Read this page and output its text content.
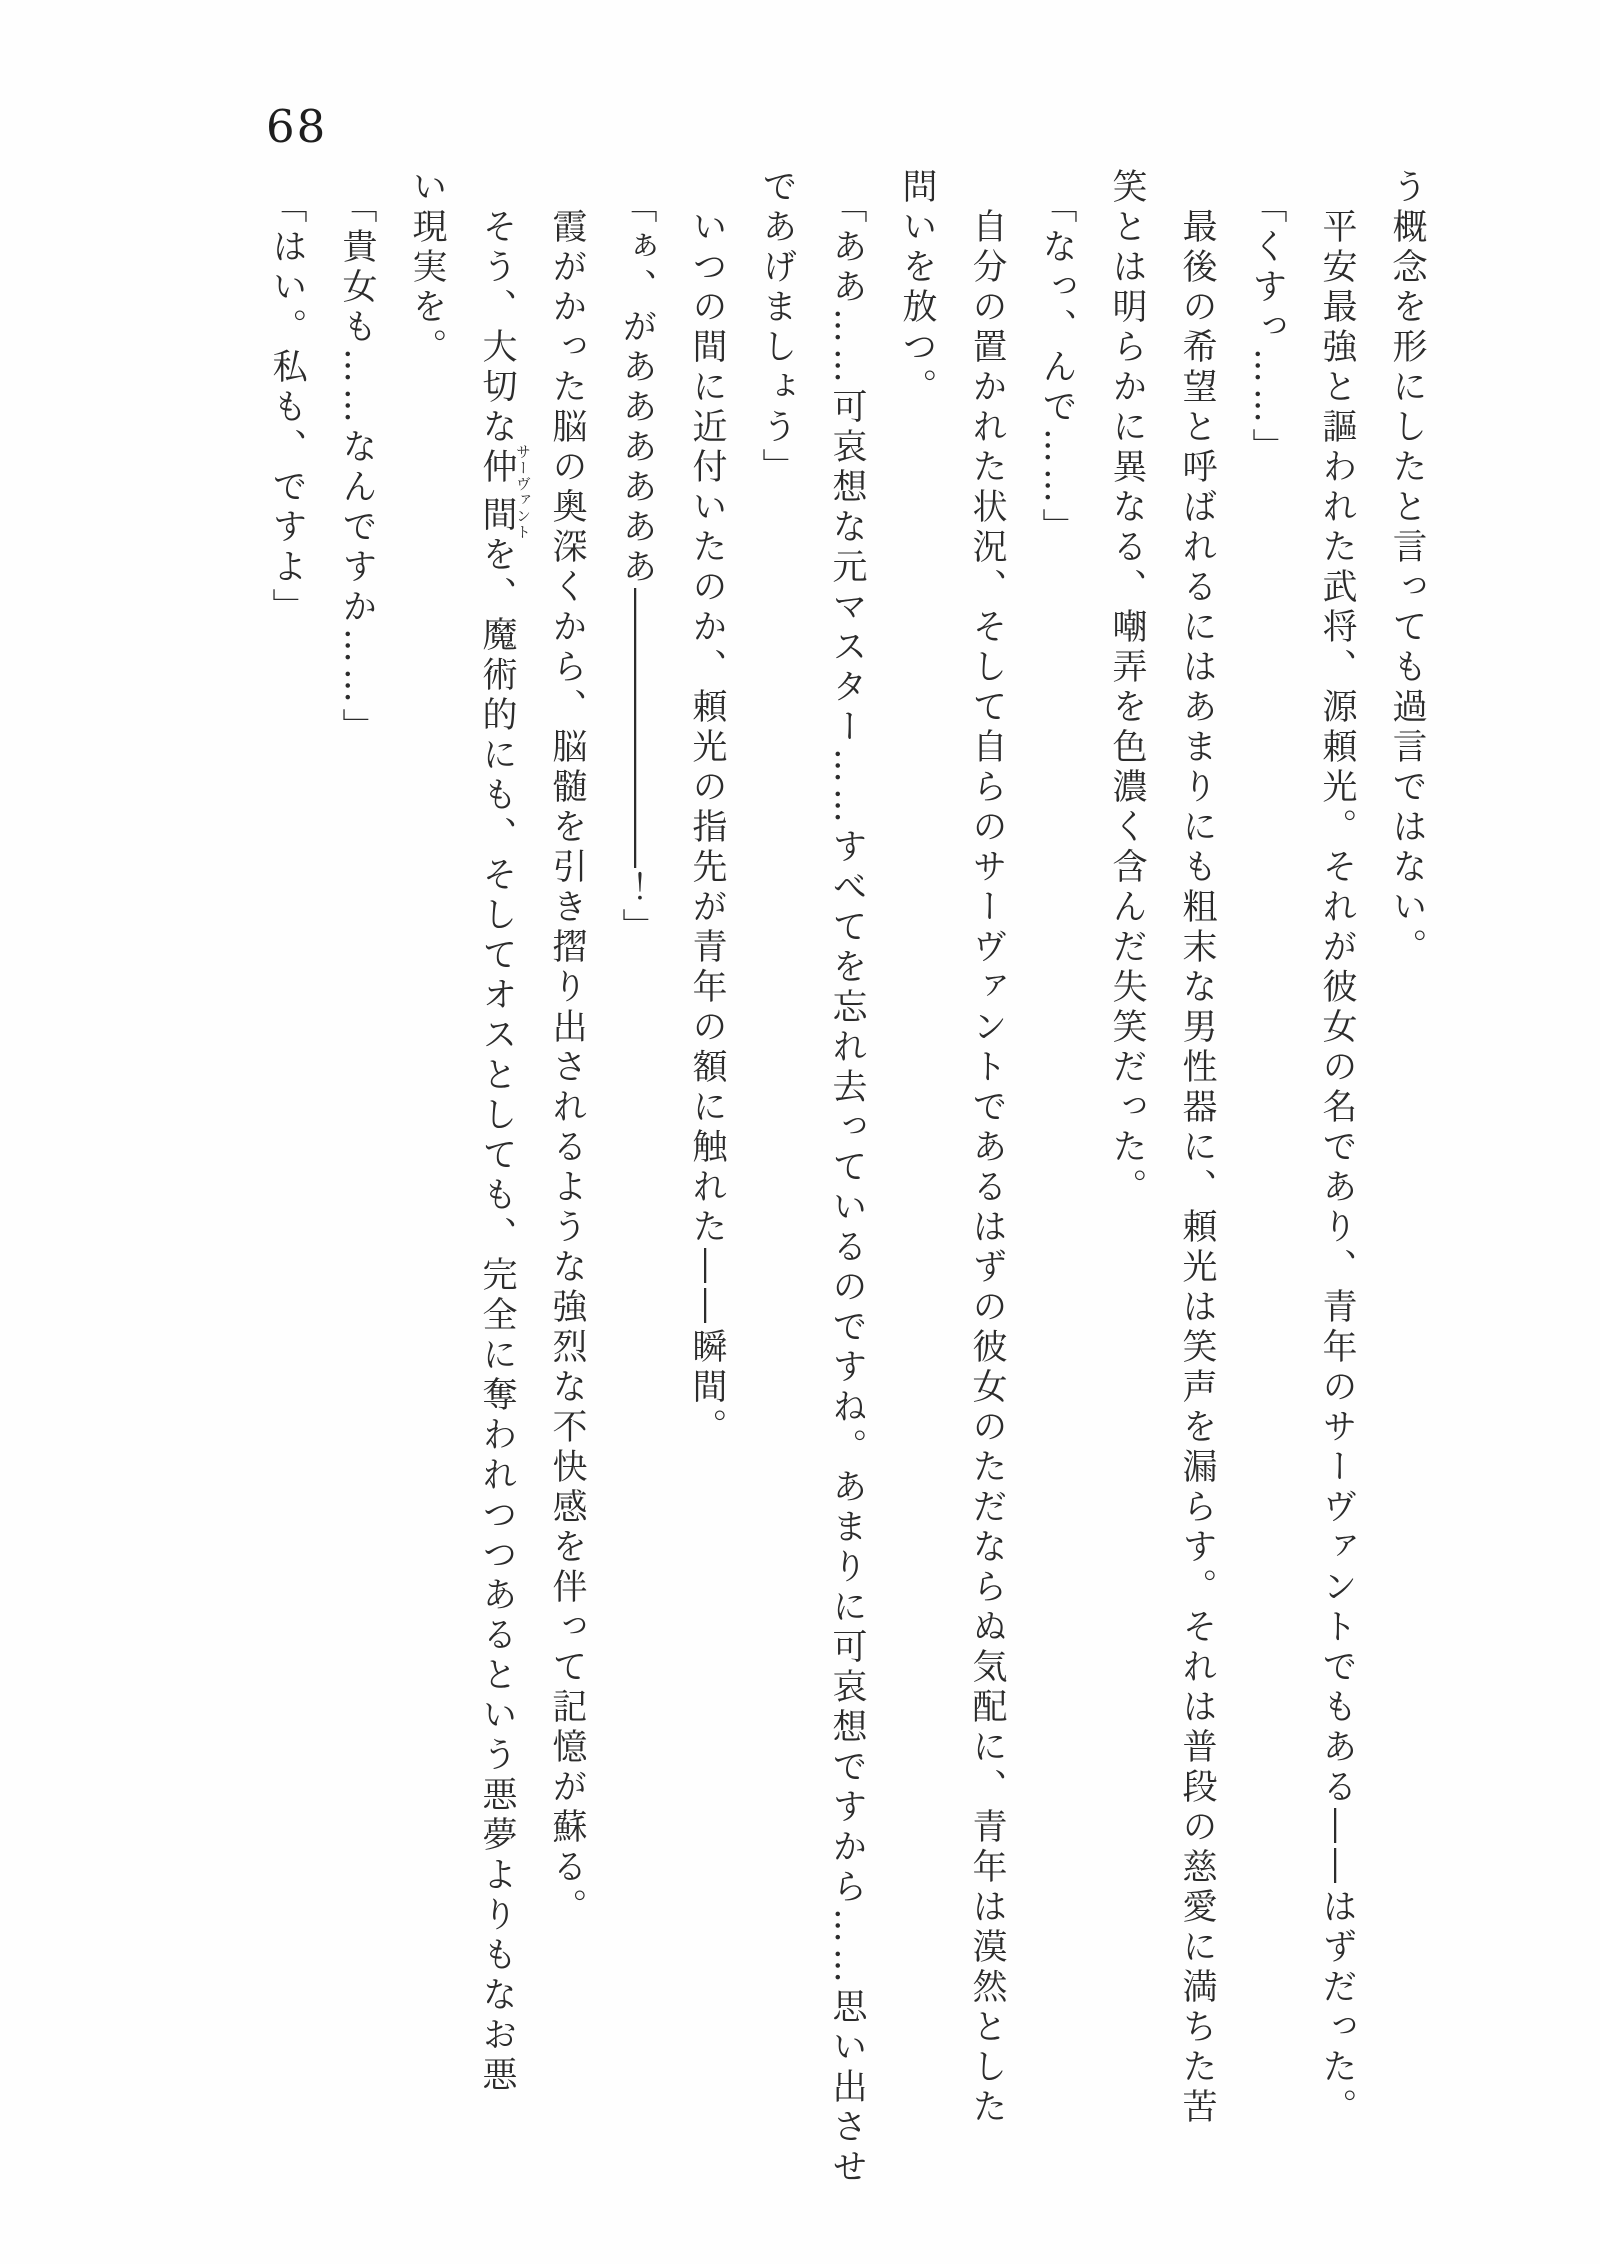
68

う概念を形にしたと言っても過言ではない。

平安最強と謳われた武将、源頼光。それが彼女の名であり、青年のサーヴァントでもある――はずだった。

「くすっ……」

最後の希望と呼ばれるにはあまりにも粗末な男性器に、頼光は笑声を漏らす。それは普段の慈愛に満ちた苦

笑とは明らかに異なる、嘲弄を色濃く含んだ失笑だった。

「なっ、んで……」

自分の置かれた状況、そして自らのサーヴァントであるはずの彼女のただならぬ気配に、青年は漠然とした

問いを放つ。

「ああ……可哀想な元マスター……すべてを忘れ去っているのですね。あまりに可哀想ですから……思い出させ

であげましょう」

いつの間に近付いたのか、頼光の指先が青年の額に触れた――瞬間。

「ぁ、がああああああ――――――――！」

霞がかった脳の奥深くから、脳髄を引き摺り出されるような強烈な不快感を伴って記憶が蘇る。

そう、大切な仲間サーヴァントを、魔術的にも、そしてオスとしても、完全に奪われつつあるという悪夢よりもなお悪

い現実を。

「貴女も……なんですか……」

「はい。私も、ですよ」
